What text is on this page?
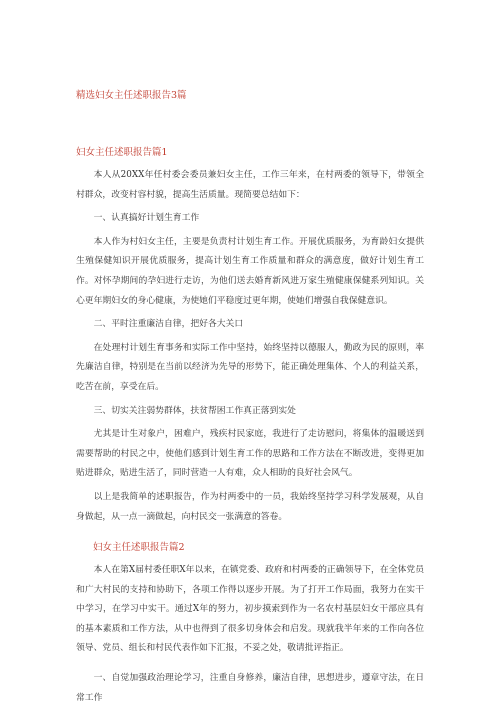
精选妇女主任述职报告3篇
妇女主任述职报告篇1

本人从20XX年任村委会委员兼妇女主任，工作三年来，在村两委的领导下，带领全村群众，改变村容村貌，提高生活质量。现简要总结如下：

一、认真搞好计划生育工作

本人作为村妇女主任，主要是负责村计划生育工作。开展优质服务，为育龄妇女提供生殖保健知识开展优质服务，提高计划生育工作质量和群众的满意度，做好计划生育工作。对怀孕期间的孕妇进行走访，为他们送去婚育新风进万家生殖健康保健系列知识。关心更年期妇女的身心健康，为使她们平稳度过更年期，使她们增强自我保健意识。

二、平时注重廉洁自律，把好各大关口

在处理村计划生育事务和实际工作中坚持，始终坚持以德服人，勤政为民的原则，率先廉洁自律，特别是在当前以经济为先导的形势下，能正确处理集体、个人的利益关系，吃苦在前，享受在后。

三、切实关注弱势群体，扶贫帮困工作真正落到实处

尤其是计生对象户，困难户，残疾村民家庭，我进行了走访慰问，将集体的温暖送到需要帮助的村民之中，使他们感到计划生育工作的思路和工作方法在不断改进，变得更加贴进群众，贴进生活了，同时营造一人有难，众人相助的良好社会风气。

以上是我简单的述职报告，作为村两委中的一员，我始终坚持学习科学发展观，从自身做起，从一点一滴做起，向村民交一张满意的答卷。

妇女主任述职报告篇2

本人在第X届村委任职X年以来，在镇党委、政府和村两委的正确领导下，在全体党员和广大村民的支持和协助下，各项工作得以逐步开展。为了打开工作局面，我努力在实干中学习，在学习中实干。通过X年的努力，初步摸索到作为一名农村基层妇女干部应具有的基本素质和工作方法，从中也得到了很多切身体会和启发。现就我半年来的工作向各位领导、党员、组长和村民代表作如下汇报，不妥之处，敬请批评指正。

一、自觉加强政治理论学习，注重自身修养，廉洁自律，思想进步，遵章守法，在日常工作
